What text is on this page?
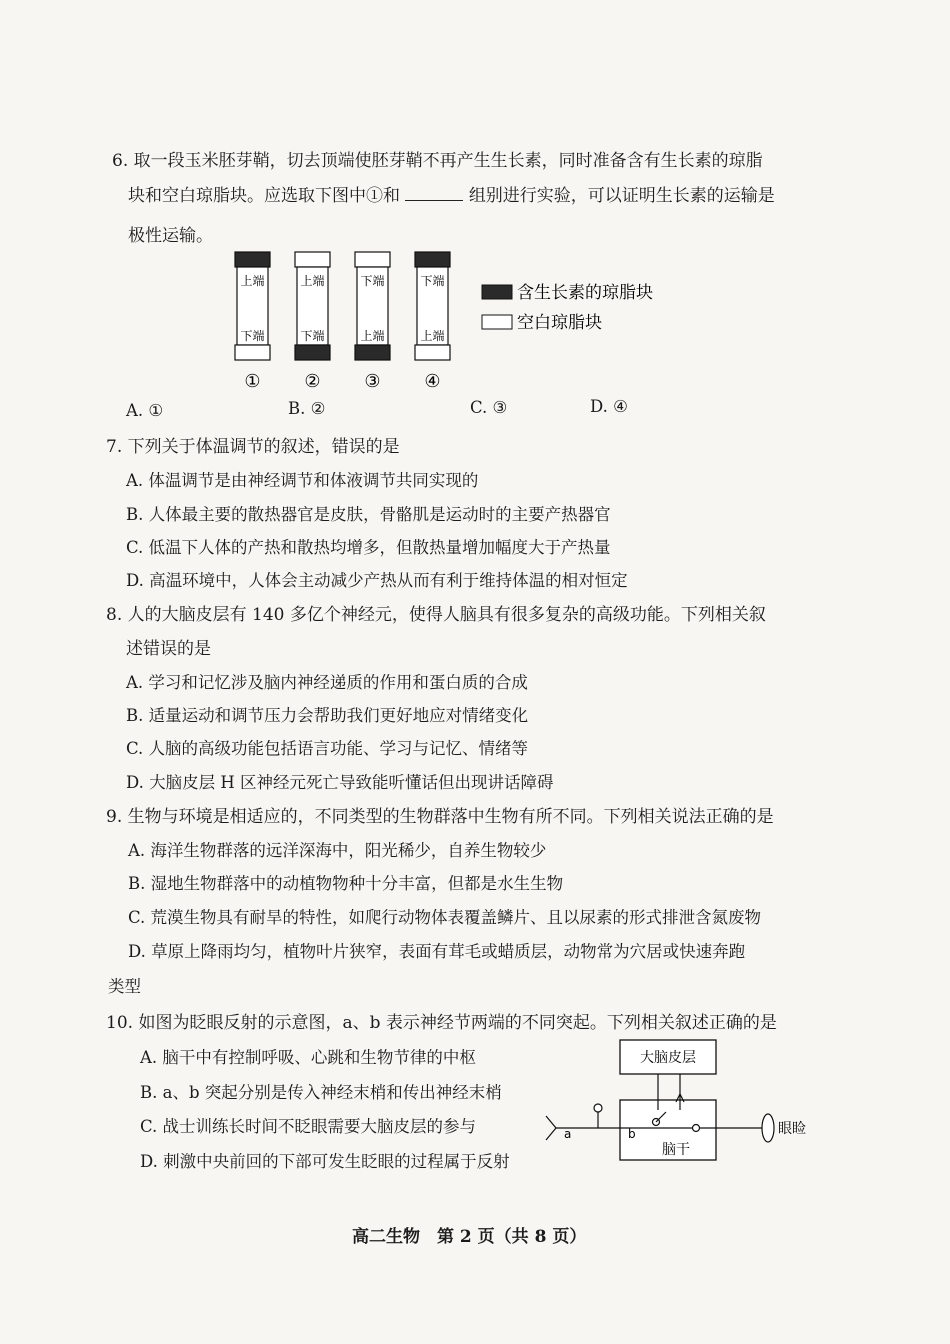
6. 取一段玉米胚芽鞘，切去顶端使胚芽鞘不再产生生长素，同时准备含有生长素的琼脂
块和空白琼脂块。应选取下图中①和	组别进行实验，可以证明生长素的运输是
极性运输。
上端
下端
①
上端
下端
②
下端
上端
③
下端
上端
④
含生长素的琼脂块
空白琼脂块
A. ①	B. ②	C. ③	D. ④
7. 下列关于体温调节的叙述，错误的是
A. 体温调节是由神经调节和体液调节共同实现的
B. 人体最主要的散热器官是皮肤，骨骼肌是运动时的主要产热器官
C. 低温下人体的产热和散热均增多，但散热量增加幅度大于产热量
D. 高温环境中，人体会主动减少产热从而有利于维持体温的相对恒定
8. 人的大脑皮层有 140 多亿个神经元，使得人脑具有很多复杂的高级功能。下列相关叙
述错误的是
A. 学习和记忆涉及脑内神经递质的作用和蛋白质的合成
B. 适量运动和调节压力会帮助我们更好地应对情绪变化
C. 人脑的高级功能包括语言功能、学习与记忆、情绪等
D. 大脑皮层 H 区神经元死亡导致能听懂话但出现讲话障碍
9. 生物与环境是相适应的，不同类型的生物群落中生物有所不同。下列相关说法正确的是
A. 海洋生物群落的远洋深海中，阳光稀少，自养生物较少
B. 湿地生物群落中的动植物物种十分丰富，但都是水生生物
C. 荒漠生物具有耐旱的特性，如爬行动物体表覆盖鳞片、且以尿素的形式排泄含氮废物
D. 草原上降雨均匀，植物叶片狭窄，表面有茸毛或蜡质层，动物常为穴居或快速奔跑
类型
10. 如图为眨眼反射的示意图，a、b 表示神经节两端的不同突起。下列相关叙述正确的是
A. 脑干中有控制呼吸、心跳和生物节律的中枢
B. a、b 突起分别是传入神经末梢和传出神经末梢
C. 战士训练长时间不眨眼需要大脑皮层的参与
D. 刺激中央前回的下部可发生眨眼的过程属于反射
大脑皮层
脑干
a	b	眼睑
高二生物　第 2 页（共 8 页）
